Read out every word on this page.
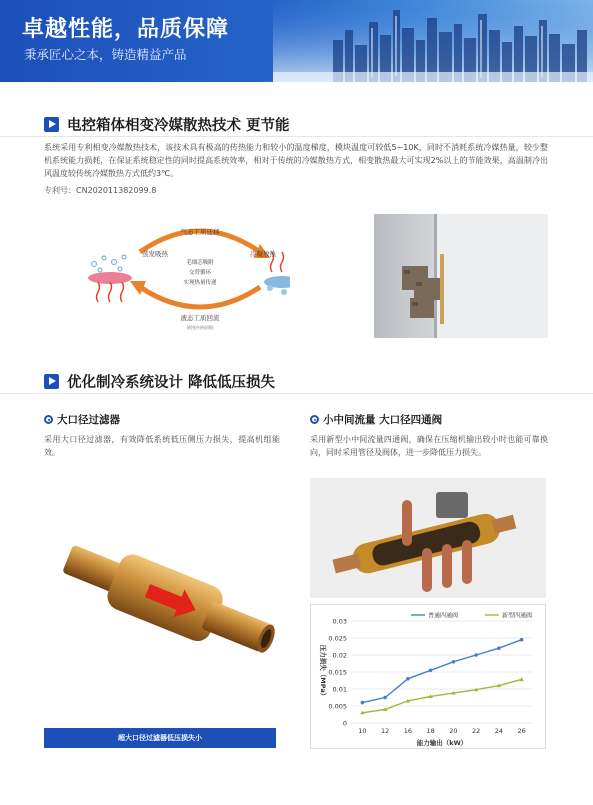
卓越性能，品质保障
秉承匠心之本，铸造精益产品
电控箱体相变冷媒散热技术 更节能
系统采用专利相变冷媒散热技术，该技术具有极高的传热能力和较小的温度梯度，模块温度可较低5~10K，同时不消耗系统冷媒热量，较少整机系统能力损耗，在保证系统稳定性的同时提高系统效率，相对于传统的冷媒散热方式，相变散热最大可实现2%以上的节能效果，高温制冷出风温度较传统冷媒散热方式低约3℃。
专利号：CN202011382099.8
气态工质迁移
液态工质回流
(相变传热原理)
毛细芯吸附
交替循环
实现热量传递
蒸发吸热	冷凝放热
优化制冷系统设计 降低低压损失
大口径过滤器
采用大口径过滤器，有效降低系统低压侧压力损失，提高机组能效。
小中间流量 大口径四通阀
采用新型小中间流量四通阀，确保在压缩机输出较小时也能可靠换向，同时采用管径及阀体，进一步降低压力损失。
超大口径过滤器低压损失小
0
0.005
0.01
0.015
0.02
0.025
0.03
10 12 16 18 20 22 24 26
能力输出（kW）
压力损失（MPa）
普通四通阀	新型四通阀
